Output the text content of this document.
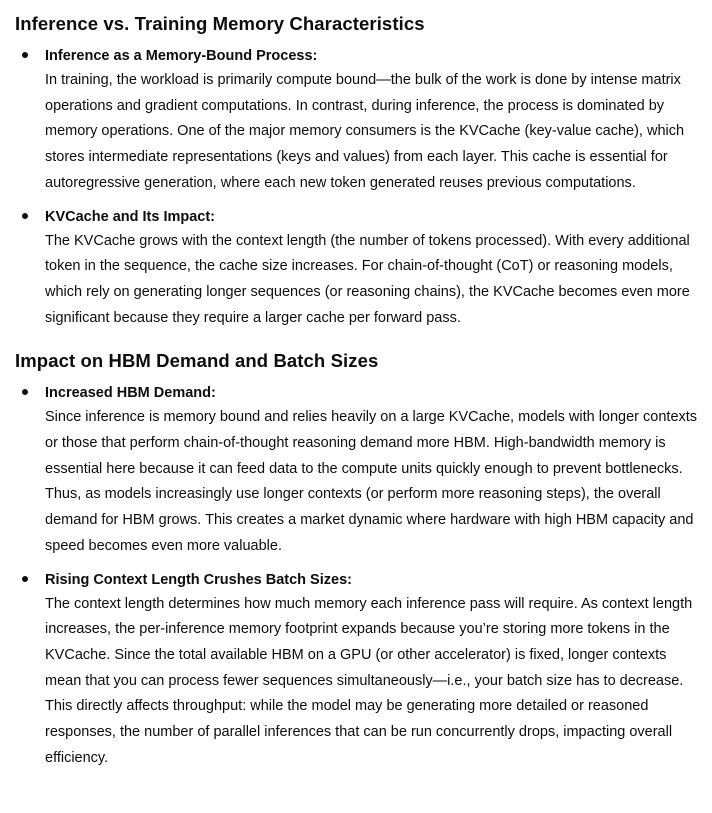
Inference vs. Training Memory Characteristics
Inference as a Memory-Bound Process:
In training, the workload is primarily compute bound—the bulk of the work is done by intense matrix operations and gradient computations. In contrast, during inference, the process is dominated by memory operations. One of the major memory consumers is the KVCache (key-value cache), which stores intermediate representations (keys and values) from each layer. This cache is essential for autoregressive generation, where each new token generated reuses previous computations.
KVCache and Its Impact:
The KVCache grows with the context length (the number of tokens processed). With every additional token in the sequence, the cache size increases. For chain-of-thought (CoT) or reasoning models, which rely on generating longer sequences (or reasoning chains), the KVCache becomes even more significant because they require a larger cache per forward pass.
Impact on HBM Demand and Batch Sizes
Increased HBM Demand:
Since inference is memory bound and relies heavily on a large KVCache, models with longer contexts or those that perform chain-of-thought reasoning demand more HBM. High-bandwidth memory is essential here because it can feed data to the compute units quickly enough to prevent bottlenecks. Thus, as models increasingly use longer contexts (or perform more reasoning steps), the overall demand for HBM grows. This creates a market dynamic where hardware with high HBM capacity and speed becomes even more valuable.
Rising Context Length Crushes Batch Sizes:
The context length determines how much memory each inference pass will require. As context length increases, the per-inference memory footprint expands because you’re storing more tokens in the KVCache. Since the total available HBM on a GPU (or other accelerator) is fixed, longer contexts mean that you can process fewer sequences simultaneously—i.e., your batch size has to decrease. This directly affects throughput: while the model may be generating more detailed or reasoned responses, the number of parallel inferences that can be run concurrently drops, impacting overall efficiency.
